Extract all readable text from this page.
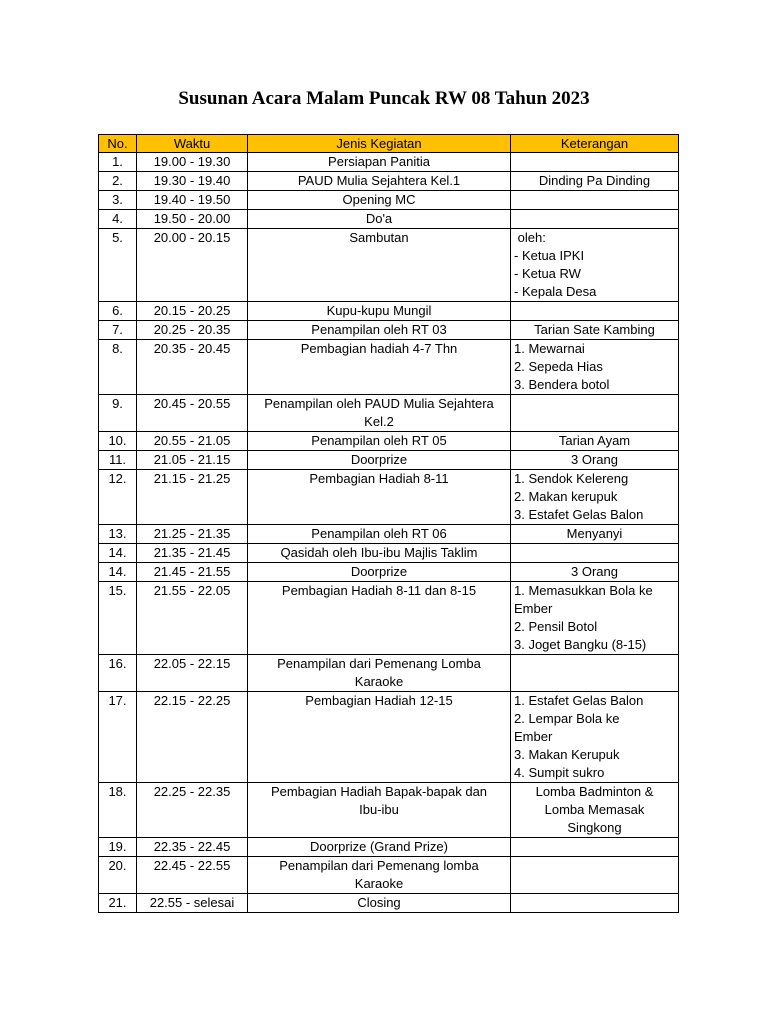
Susunan Acara Malam Puncak RW 08 Tahun 2023
No.	Waktu	Jenis Kegiatan	Keterangan
1.	19.00 - 19.30	Persiapan Panitia	

2.	19.30 - 19.40	PAUD Mulia Sejahtera Kel.1	Dinding Pa Dinding

3.	19.40 - 19.50	Opening MC	

4.	19.50 - 20.00	Do'a	

5.	20.00 - 20.15	Sambutan	oleh:
- Ketua IPKI
- Ketua RW
- Kepala Desa

6.	20.15 - 20.25	Kupu-kupu Mungil	

7.	20.25 - 20.35	Penampilan oleh RT 03	Tarian Sate Kambing

8.	20.35 - 20.45	Pembagian hadiah 4-7 Thn	1. Mewarnai
2. Sepeda Hias
3. Bendera botol

9.	20.45 - 20.55	Penampilan oleh PAUD Mulia Sejahtera
Kel.2	

10.	20.55 - 21.05	Penampilan oleh RT 05	Tarian Ayam

11.	21.05 - 21.15	Doorprize	3 Orang

12.	21.15 - 21.25	Pembagian Hadiah 8-11	1. Sendok Kelereng
2. Makan kerupuk
3. Estafet Gelas Balon

13.	21.25 - 21.35	Penampilan oleh RT 06	Menyanyi

14.	21.35 - 21.45	Qasidah oleh Ibu-ibu Majlis Taklim	

14.	21.45 - 21.55	Doorprize	3 Orang

15.	21.55 - 22.05	Pembagian Hadiah 8-11 dan 8-15	1. Memasukkan Bola ke
Ember
2. Pensil Botol
3. Joget Bangku (8-15)

16.	22.05 - 22.15	Penampilan dari Pemenang Lomba
Karaoke	

17.	22.15 - 22.25	Pembagian Hadiah 12-15	1. Estafet Gelas Balon
2. Lempar Bola ke
Ember
3. Makan Kerupuk
4. Sumpit sukro

18.	22.25 - 22.35	Pembagian Hadiah Bapak-bapak dan
Ibu-ibu	Lomba Badminton &
Lomba Memasak
Singkong

19.	22.35 - 22.45	Doorprize (Grand Prize)	

20.	22.45 - 22.55	Penampilan dari Pemenang lomba
Karaoke	

21.	22.55 - selesai	Closing	
